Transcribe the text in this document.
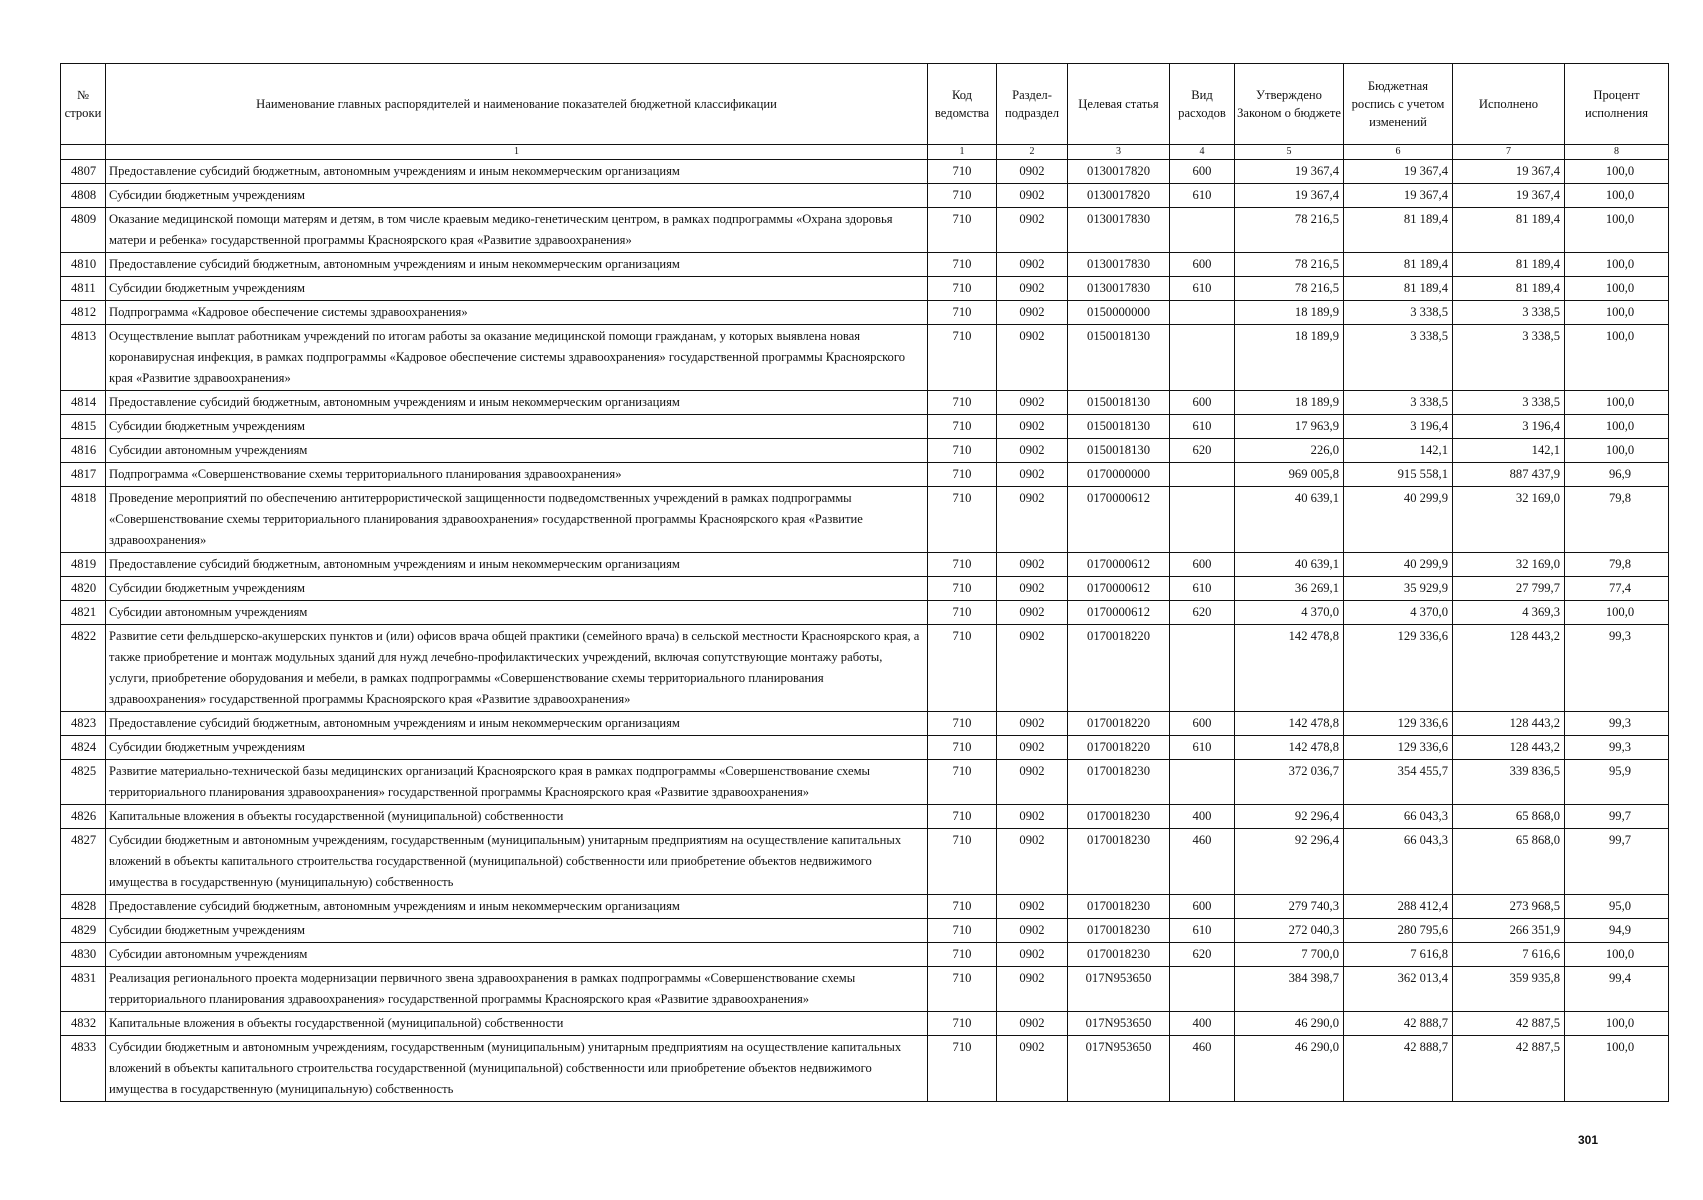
№ строки	Наименование главных распорядителей и наименование показателей бюджетной классификации	Код ведомства	Раздел-подраздел	Целевая статья	Вид расходов	Утверждено Законом о бюджете	Бюджетная роспись с учетом изменений	Исполнено	Процент исполнения
	1	1	2	3	4	5	6	7	8
4807	Предоставление субсидий бюджетным, автономным учреждениям и иным некоммерческим организациям	710	0902	0130017820	600	19 367,4	19 367,4	19 367,4	100,0
4808	Субсидии бюджетным учреждениям	710	0902	0130017820	610	19 367,4	19 367,4	19 367,4	100,0
4809	Оказание медицинской помощи матерям и детям, в том числе краевым медико-генетическим центром, в рамках подпрограммы «Охрана здоровья матери и ребенка» государственной программы Красноярского края «Развитие здравоохранения»	710	0902	0130017830		78 216,5	81 189,4	81 189,4	100,0
4810	Предоставление субсидий бюджетным, автономным учреждениям и иным некоммерческим организациям	710	0902	0130017830	600	78 216,5	81 189,4	81 189,4	100,0
4811	Субсидии бюджетным учреждениям	710	0902	0130017830	610	78 216,5	81 189,4	81 189,4	100,0
4812	Подпрограмма «Кадровое обеспечение системы здравоохранения»	710	0902	0150000000		18 189,9	3 338,5	3 338,5	100,0
4813	Осуществление выплат работникам учреждений по итогам работы за оказание медицинской помощи гражданам, у которых выявлена новая коронавирусная инфекция, в рамках подпрограммы «Кадровое обеспечение системы здравоохранения» государственной программы Красноярского края «Развитие здравоохранения»	710	0902	0150018130		18 189,9	3 338,5	3 338,5	100,0
4814	Предоставление субсидий бюджетным, автономным учреждениям и иным некоммерческим организациям	710	0902	0150018130	600	18 189,9	3 338,5	3 338,5	100,0
4815	Субсидии бюджетным учреждениям	710	0902	0150018130	610	17 963,9	3 196,4	3 196,4	100,0
4816	Субсидии автономным учреждениям	710	0902	0150018130	620	226,0	142,1	142,1	100,0
4817	Подпрограмма «Совершенствование схемы территориального планирования здравоохранения»	710	0902	0170000000		969 005,8	915 558,1	887 437,9	96,9
4818	Проведение мероприятий по обеспечению антитеррористической защищенности подведомственных учреждений в рамках подпрограммы «Совершенствование схемы территориального планирования здравоохранения» государственной программы Красноярского края «Развитие здравоохранения»	710	0902	0170000612		40 639,1	40 299,9	32 169,0	79,8
4819	Предоставление субсидий бюджетным, автономным учреждениям и иным некоммерческим организациям	710	0902	0170000612	600	40 639,1	40 299,9	32 169,0	79,8
4820	Субсидии бюджетным учреждениям	710	0902	0170000612	610	36 269,1	35 929,9	27 799,7	77,4
4821	Субсидии автономным учреждениям	710	0902	0170000612	620	4 370,0	4 370,0	4 369,3	100,0
4822	Развитие сети фельдшерско-акушерских пунктов и (или) офисов врача общей практики (семейного врача) в сельской местности Красноярского края, а также приобретение и монтаж модульных зданий для нужд лечебно-профилактических учреждений, включая сопутствующие монтажу работы, услуги, приобретение оборудования и мебели, в рамках подпрограммы «Совершенствование схемы территориального планирования здравоохранения» государственной программы Красноярского края «Развитие здравоохранения»	710	0902	0170018220		142 478,8	129 336,6	128 443,2	99,3
4823	Предоставление субсидий бюджетным, автономным учреждениям и иным некоммерческим организациям	710	0902	0170018220	600	142 478,8	129 336,6	128 443,2	99,3
4824	Субсидии бюджетным учреждениям	710	0902	0170018220	610	142 478,8	129 336,6	128 443,2	99,3
4825	Развитие материально-технической базы медицинских организаций Красноярского края в рамках подпрограммы «Совершенствование схемы территориального планирования здравоохранения» государственной программы Красноярского края «Развитие здравоохранения»	710	0902	0170018230		372 036,7	354 455,7	339 836,5	95,9
4826	Капитальные вложения в объекты государственной (муниципальной) собственности	710	0902	0170018230	400	92 296,4	66 043,3	65 868,0	99,7
4827	Субсидии бюджетным и автономным учреждениям, государственным (муниципальным) унитарным предприятиям на осуществление капитальных вложений в объекты капитального строительства государственной (муниципальной) собственности или приобретение объектов недвижимого имущества в государственную (муниципальную) собственность	710	0902	0170018230	460	92 296,4	66 043,3	65 868,0	99,7
4828	Предоставление субсидий бюджетным, автономным учреждениям и иным некоммерческим организациям	710	0902	0170018230	600	279 740,3	288 412,4	273 968,5	95,0
4829	Субсидии бюджетным учреждениям	710	0902	0170018230	610	272 040,3	280 795,6	266 351,9	94,9
4830	Субсидии автономным учреждениям	710	0902	0170018230	620	7 700,0	7 616,8	7 616,6	100,0
4831	Реализация регионального проекта модернизации первичного звена здравоохранения в рамках подпрограммы «Совершенствование схемы территориального планирования здравоохранения» государственной программы Красноярского края «Развитие здравоохранения»	710	0902	017N953650		384 398,7	362 013,4	359 935,8	99,4
4832	Капитальные вложения в объекты государственной (муниципальной) собственности	710	0902	017N953650	400	46 290,0	42 888,7	42 887,5	100,0
4833	Субсидии бюджетным и автономным учреждениям, государственным (муниципальным) унитарным предприятиям на осуществление капитальных вложений в объекты капитального строительства государственной (муниципальной) собственности или приобретение объектов недвижимого имущества в государственную (муниципальную) собственность	710	0902	017N953650	460	46 290,0	42 888,7	42 887,5	100,0
301
